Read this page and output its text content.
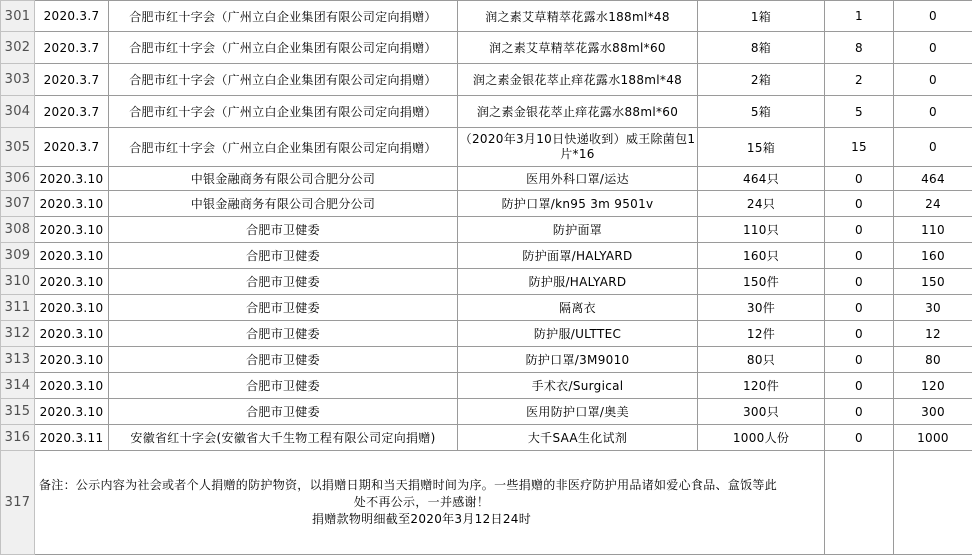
301	2020.3.7	合肥市红十字会（广州立白企业集团有限公司定向捐赠）	润之素艾草精萃花露水188ml*48	1箱	1	0
302	2020.3.7	合肥市红十字会（广州立白企业集团有限公司定向捐赠）	润之素艾草精萃花露水88ml*60	8箱	8	0
303	2020.3.7	合肥市红十字会（广州立白企业集团有限公司定向捐赠）	润之素金银花萃止痒花露水188ml*48	2箱	2	0
304	2020.3.7	合肥市红十字会（广州立白企业集团有限公司定向捐赠）	润之素金银花萃止痒花露水88ml*60	5箱	5	0
305	2020.3.7	合肥市红十字会（广州立白企业集团有限公司定向捐赠）	（2020年3月10日快递收到）威王除菌包1片*16	15箱	15	0
306	2020.3.10	中银金融商务有限公司合肥分公司	医用外科口罩/运达	464只	0	464
307	2020.3.10	中银金融商务有限公司合肥分公司	防护口罩/kn95 3m 9501v	24只	0	24
308	2020.3.10	合肥市卫健委	防护面罩	110只	0	110
309	2020.3.10	合肥市卫健委	防护面罩/HALYARD	160只	0	160
310	2020.3.10	合肥市卫健委	防护服/HALYARD	150件	0	150
311	2020.3.10	合肥市卫健委	隔离衣	30件	0	30
312	2020.3.10	合肥市卫健委	防护服/ULTTEC	12件	0	12
313	2020.3.10	合肥市卫健委	防护口罩/3M9010	80只	0	80
314	2020.3.10	合肥市卫健委	手术衣/Surgical	120件	0	120
315	2020.3.10	合肥市卫健委	医用防护口罩/奥美	300只	0	300
316	2020.3.11	安徽省红十字会(安徽省大千生物工程有限公司定向捐赠)	大千SAA生化试剂	1000人份	0	1000
317	备注：公示内容为社会或者个人捐赠的防护物资，以捐赠日期和当天捐赠时间为序。一些捐赠的非医疗防护用品诸如爱心食品、盒饭等此
处不再公示，一并感谢！
捐赠款物明细截至2020年3月12日24时					
